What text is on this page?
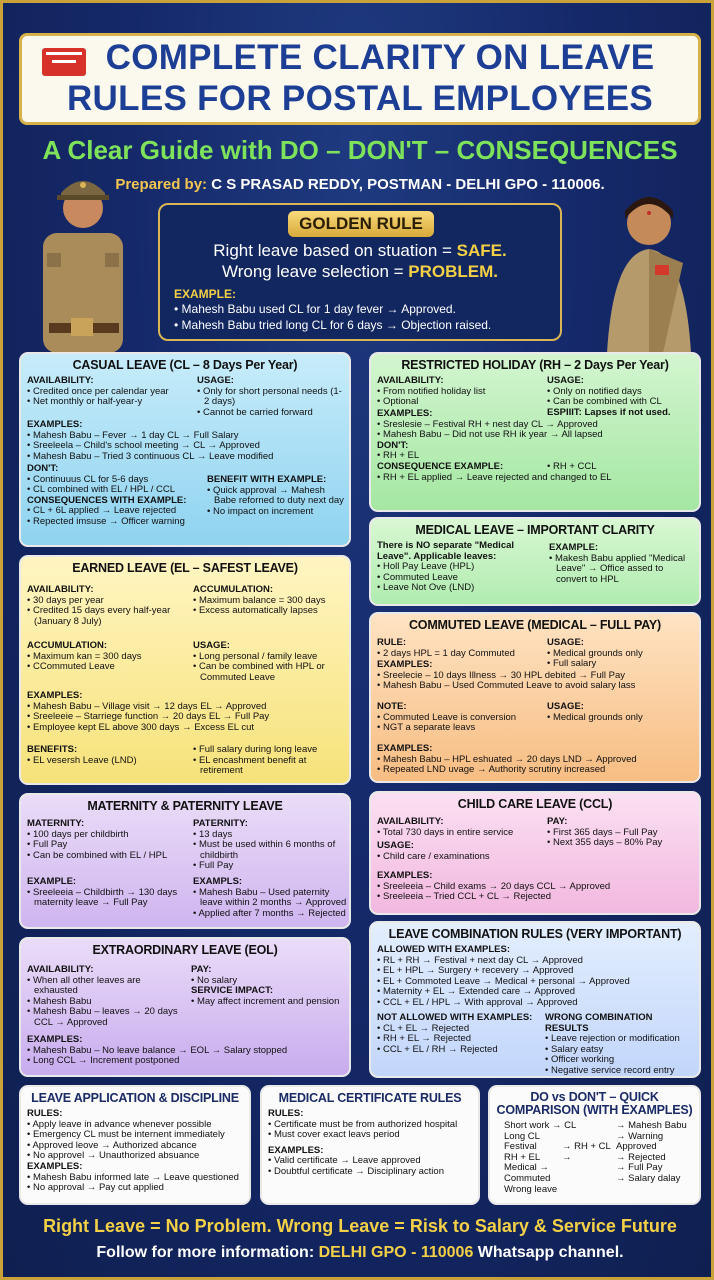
COMPLETE CLARITY ON LEAVE
RULES FOR POSTAL EMPLOYEES
A Clear Guide with DO – DON'T – CONSEQUENCES
Prepared by: C S PRASAD REDDY, POSTMAN - DELHI GPO - 110006.
GOLDEN RULE
Right leave based on stuation = SAFE.
Wrong leave selection = PROBLEM.
EXAMPLE:
• Mahesh Babu used CL for 1 day fever → Approved.
• Mahesh Babu tried long CL for 6 days → Objection raised.
CASUAL LEAVE (CL – 8 Days Per Year)
AVAILABILITY:
• Credited once per calendar year
• Net monthly or half-year-y
USAGE:
• Only for short personal needs (1-2 days)
• Cannot be carried forward
EXAMPLES:
• Mahesh Babu – Fever → 1 day CL → Full Salary
• Sreeleela – Child's school meeting → CL → Approved
• Mahesh Babu – Tried 3 continuous CL → Leave modified
DON'T:
• Continuuus CL for 5-6 days
• CL combined with EL / HPL / CCL
CONSEQUENCES WITH EXAMPLE:
• CL + 6L applied → Leave rejected
• Repected imsuse → Officer warning
BENEFIT WITH EXAMPLE:
• Quick approval → Mahesh Babe reforned to duty next day
• No impact on increment
RESTRICTED HOLIDAY (RH – 2 Days Per Year)
AVAILABILITY:
• From notified holiday list
• Optional
USAGE:
• Only on notified days
• Can be combined with CL
ESPIIIT: Lapses if not used.
EXAMPLES:
• Sreslesie – Festival RH + nest day CL → Approved
• Mahesh Babu – Did not use RH ik year → All lapsed
DON'T:
• RH + EL
CONSEQUENCE EXAMPLE:
• RH + EL applied → Leave rejected and changed to EL
• RH + CCL
MEDICAL LEAVE – IMPORTANT CLARITY
There is NO separate "Medical Leave". Applicable leaves:
• Holl Pay Leave (HPL)
• Commuted Leave
• Leave Not Ove (LND)
EXAMPLE:
• Makesh Babu applied "Medical Leave" → Office assed to convert to HPL
EARNED LEAVE (EL – SAFEST LEAVE)
AVAILABILITY:
• 30 days per year
• Credited 15 days every half-year (January 8 July)
ACCUMULATION:
• Maximum balance = 300 days
• Excess automatically lapses
ACCUMULATION:
• Maximum kan = 300 days
• CCommuted Leave
USAGE:
• Long personal / family leave
• Can be combined with HPL or Commuted Leave
EXAMPLES:
• Mahesh Babu – Village visit → 12 days EL → Approved
• Sreeleeie – Starriege function → 20 days EL → Full Pay
• Employee kept EL above 300 days → Excess EL cut
BENEFITS:
• EL vesersh Leave (LND)
• Full salary during long leave
• EL encashment benefit at retirement
COMMUTED LEAVE (MEDICAL – FULL PAY)
RULE:
• 2 days HPL = 1 day Commuted
USAGE:
• Medical grounds only
• Full salary
EXAMPLES:
• Sreelecie – 10 days Illness → 30 HPL debited → Full Pay
• Mahesh Babu – Used Commuted Leave to avoid salary lass
NOTE:
• Commuted Leave is conversion
• NGT a separate leavs
USAGE:
• Medical grounds only
EXAMPLES:
• Mahesh Babu – HPL eshuated → 20 days LND → Approved
• Repeated LND uvage → Authority scrutiny increased
MATERNITY & PATERNITY LEAVE
MATERNITY:
• 100 days per childbirth
• Full Pay
• Can be combined with EL / HPL
PATERNITY:
• 13 days
• Must be used within 6 months of childbirth
• Full Pay
EXAMPLE:
• Sreeleeia – Childbirth → 130 days maternity leave → Full Pay
EXAMPLS:
• Mahesh Babu – Used paternity leave within 2 months → Approved
• Applied after 7 months → Rejected
CHILD CARE LEAVE (CCL)
AVAILABILITY:
• Total 730 days in entire service
PAY:
• First 365 days – Full Pay
• Next 355 days – 80% Pay
USAGE:
• Child care / examinations
EXAMPLES:
• Sreeleeia – Child exams → 20 days CCL → Approved
• Sreeleeia – Tried CCL + CL → Rejected
EXTRAORDINARY LEAVE (EOL)
AVAILABILITY:
• When all other leaves are exhausted
• Mahesh Babu
• Mahesh Babu – leaves → 20 days CCL → Approved
PAY:
• No salary
SERVICE IMPACT:
• May affect increment and pension
EXAMPLES:
• Mahesh Babu – No leave balance → EOL → Salary stopped
• Long CCL → Increment postponed
LEAVE COMBINATION RULES (VERY IMPORTANT)
ALLOWED WITH EXAMPLES:
• RL + RH → Festival + next day CL → Approved
• EL + HPL → Surgery + recevery → Approved
• EL + Commoted Leave → Medical + personal → Approved
• Maternity + EL → Extended care → Approved
• CCL + EL / HPL → With approval → Approved
NOT ALLOWED WITH EXAMPLES:
• CL + EL → Rejected
• RH + EL → Rejected
• CCL + EL / RH → Rejected
WRONG COMBINATION RESULTS
• Leave rejection or modification
• Salary eatsy
• Officer working
• Negative service record entry
LEAVE APPLICATION & DISCIPLINE
RULES:
• Apply leave in advance whenever possible
• Emergency CL must be internent immediately
• Approved leove → Authorized abcance
• No approvel → Unauthorized absuance
EXAMPLES:
• Mahesh Babu informed late → Leave questioned
• No approval → Pay cut applied
MEDICAL CERTIFICATE RULES
RULES:
• Certificate must be from authorized hospital
• Must cover exact leavs period
EXAMPLES:
• Valid certificate → Leave approved
• Doubtful certificate → Disciplinary action
DO vs DON'T – QUICK COMPARISON (WITH EXAMPLES)
Short work → CL
Long CL
Festival
RH + EL
Medical → Commuted
Wrong leave
→ RH + CL →
→ Mahesh Babu
→ Warning
Approved
→ Rejected
→ Full Pay
→ Salary dalay
Right Leave = No Problem. Wrong Leave = Risk to Salary & Service Future
Follow for more information: DELHI GPO - 110006 Whatsapp channel.
